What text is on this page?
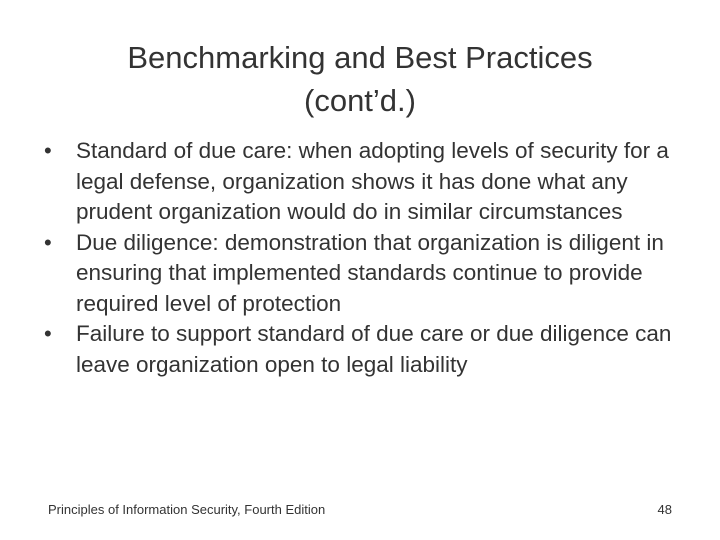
Benchmarking and Best Practices
(cont’d.)
• Standard of due care: when adopting levels of security for a legal defense, organization shows it has done what any prudent organization would do in similar circumstances
• Due diligence: demonstration that organization is diligent in ensuring that implemented standards continue to provide required level of protection
• Failure to support standard of due care or due diligence can leave organization open to legal liability
Principles of Information Security, Fourth Edition	48
